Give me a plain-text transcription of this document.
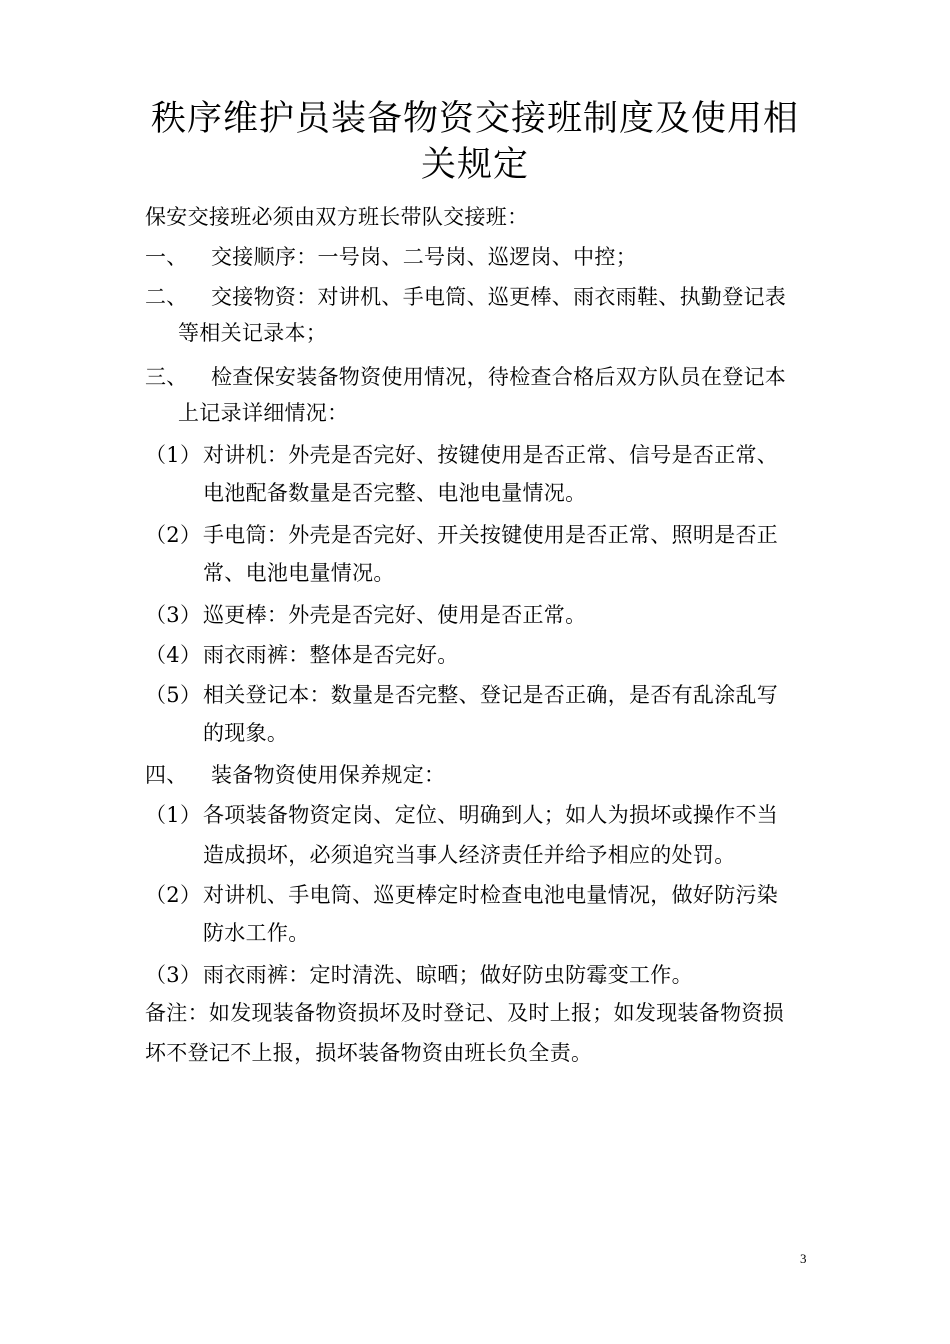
秩序维护员装备物资交接班制度及使用相
关规定
保安交接班必须由双方班长带队交接班：
一、 交接顺序：一号岗、二号岗、巡逻岗、中控；
二、 交接物资：对讲机、手电筒、巡更棒、雨衣雨鞋、执勤登记表
等相关记录本；
三、 检查保安装备物资使用情况，待检查合格后双方队员在登记本
上记录详细情况：
（1）对讲机：外壳是否完好、按键使用是否正常、信号是否正常、
电池配备数量是否完整、电池电量情况。
（2）手电筒：外壳是否完好、开关按键使用是否正常、照明是否正
常、电池电量情况。
（3）巡更棒：外壳是否完好、使用是否正常。
（4）雨衣雨裤：整体是否完好。
（5）相关登记本：数量是否完整、登记是否正确，是否有乱涂乱写
的现象。
四、 装备物资使用保养规定：
（1）各项装备物资定岗、定位、明确到人；如人为损坏或操作不当
造成损坏，必须追究当事人经济责任并给予相应的处罚。
（2）对讲机、手电筒、巡更棒定时检查电池电量情况，做好防污染
防水工作。
（3）雨衣雨裤：定时清洗、晾晒；做好防虫防霉变工作。
备注：如发现装备物资损坏及时登记、及时上报；如发现装备物资损
坏不登记不上报，损坏装备物资由班长负全责。
3
